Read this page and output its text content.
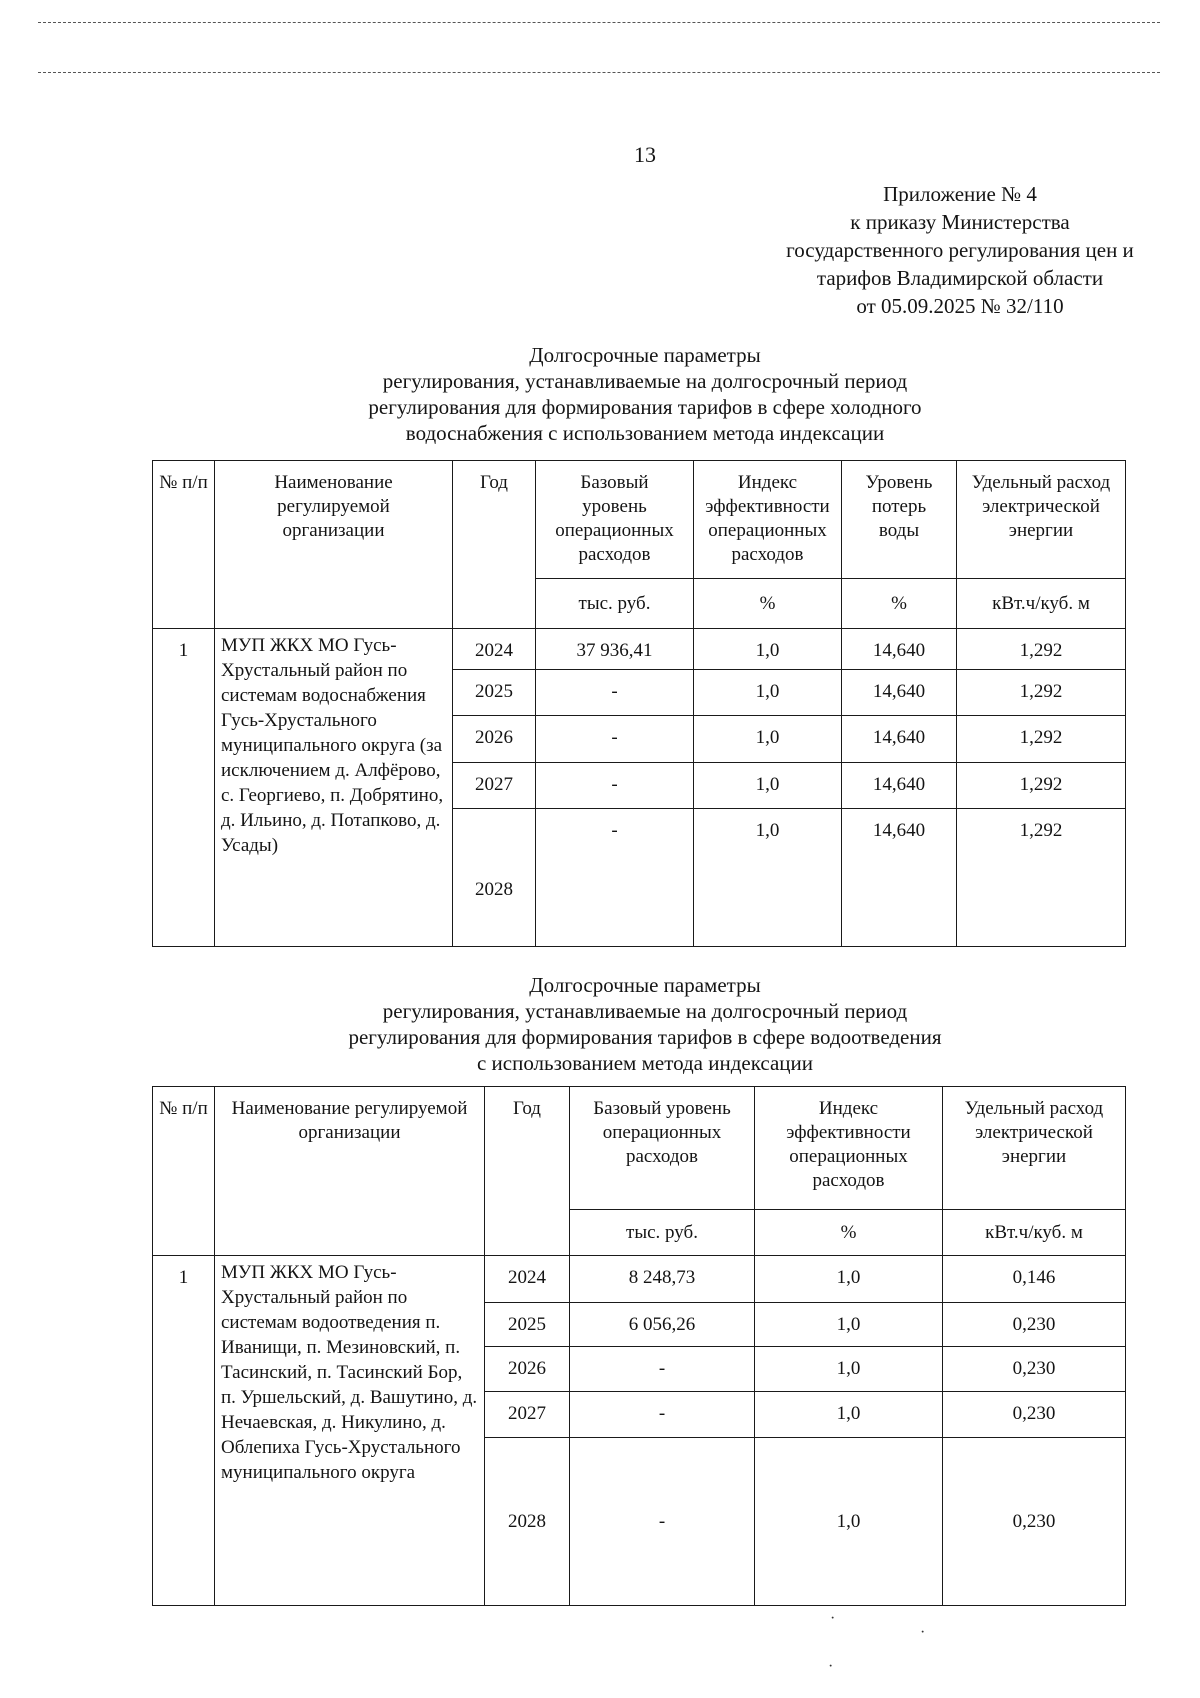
13
Приложение № 4
к приказу Министерства
государственного регулирования цен и
тарифов Владимирской области
от 05.09.2025 № 32/110
Долгосрочные параметры
регулирования, устанавливаемые на долгосрочный период
регулирования для формирования тарифов в сфере холодного
водоснабжения с использованием метода индексации
№ п/п	Наименование регулируемой организации	Год	Базовый уровень операционных расходов	Индекс эффективности операционных расходов	Уровень потерь воды	Удельный расход электрической энергии
			тыс. руб.	%	%	кВт.ч/куб. м
1	МУП ЖКХ МО Гусь-Хрустальный район по системам водоснабжения Гусь-Хрустального муниципального округа (за исключением д. Алфёрово, с. Георгиево, п. Добрятино, д. Ильино, д. Потапково, д. Усады)	2024	37 936,41	1,0	14,640	1,292
		2025	-	1,0	14,640	1,292
		2026	-	1,0	14,640	1,292
		2027	-	1,0	14,640	1,292
		2028	-	1,0	14,640	1,292
Долгосрочные параметры
регулирования, устанавливаемые на долгосрочный период
регулирования для формирования тарифов в сфере водоотведения
с использованием метода индексации
№ п/п	Наименование регулируемой организации	Год	Базовый уровень операционных расходов	Индекс эффективности операционных расходов	Удельный расход электрической энергии
			тыс. руб.	%	кВт.ч/куб. м
1	МУП ЖКХ МО Гусь-Хрустальный район по системам водоотведения п. Иванищи, п. Мезиновский, п. Тасинский, п. Тасинский Бор, п. Уршельский, д. Вашутино, д. Нечаевская, д. Никулино, д. Облепиха Гусь-Хрустального муниципального округа	2024	8 248,73	1,0	0,146
		2025	6 056,26	1,0	0,230
		2026	-	1,0	0,230
		2027	-	1,0	0,230
		2028	-	1,0	0,230
·
·
·
